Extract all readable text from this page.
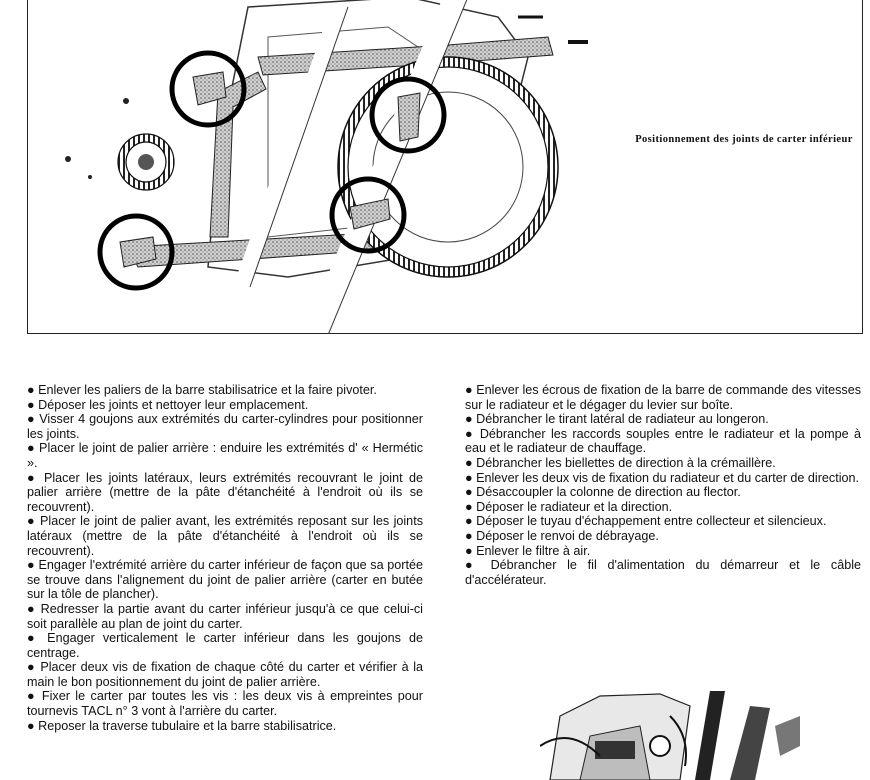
Positionnement des joints de carter inférieur

● Enlever les paliers de la barre stabilisatrice et la faire pivoter.

● Déposer les joints et nettoyer leur emplacement.

● Visser 4 goujons aux extrémités du carter-cylindres pour positionner les joints.

● Placer le joint de palier arrière : enduire les extrémités d' « Hermétic ».

● Placer les joints latéraux, leurs extrémités recouvrant le joint de palier arrière (mettre de la pâte d'étanchéité à l'endroit où ils se recouvrent).

● Placer le joint de palier avant, les extrémités reposant sur les joints latéraux (mettre de la pâte d'étanchéité à l'endroit où ils se recouvrent).

● Engager l'extrémité arrière du carter inférieur de façon que sa portée se trouve dans l'alignement du joint de palier arrière (carter en butée sur la tôle de plancher).

● Redresser la partie avant du carter inférieur jusqu'à ce que celui-ci soit parallèle au plan de joint du carter.

● Engager verticalement le carter inférieur dans les goujons de centrage.

● Placer deux vis de fixation de chaque côté du carter et vérifier à la main le bon positionnement du joint de palier arrière.

● Fixer le carter par toutes les vis : les deux vis à empreintes pour tournevis TACL n° 3 vont à l'arrière du carter.

● Reposer la traverse tubulaire et la barre stabilisatrice.

● Enlever les écrous de fixation de la barre de commande des vitesses sur le radiateur et le dégager du levier sur boîte.

● Débrancher le tirant latéral de radiateur au longeron.

● Débrancher les raccords souples entre le radiateur et la pompe à eau et le radiateur de chauffage.

● Débrancher les biellettes de direction à la crémaillère.

● Enlever les deux vis de fixation du radiateur et du carter de direction.

● Désaccoupler la colonne de direction au flector.

● Déposer le radiateur et la direction.

● Déposer le tuyau d'échappement entre collecteur et silencieux.

● Déposer le renvoi de débrayage.

● Enlever le filtre à air.

● Débrancher le fil d'alimentation du démarreur et le câble d'accélérateur.
